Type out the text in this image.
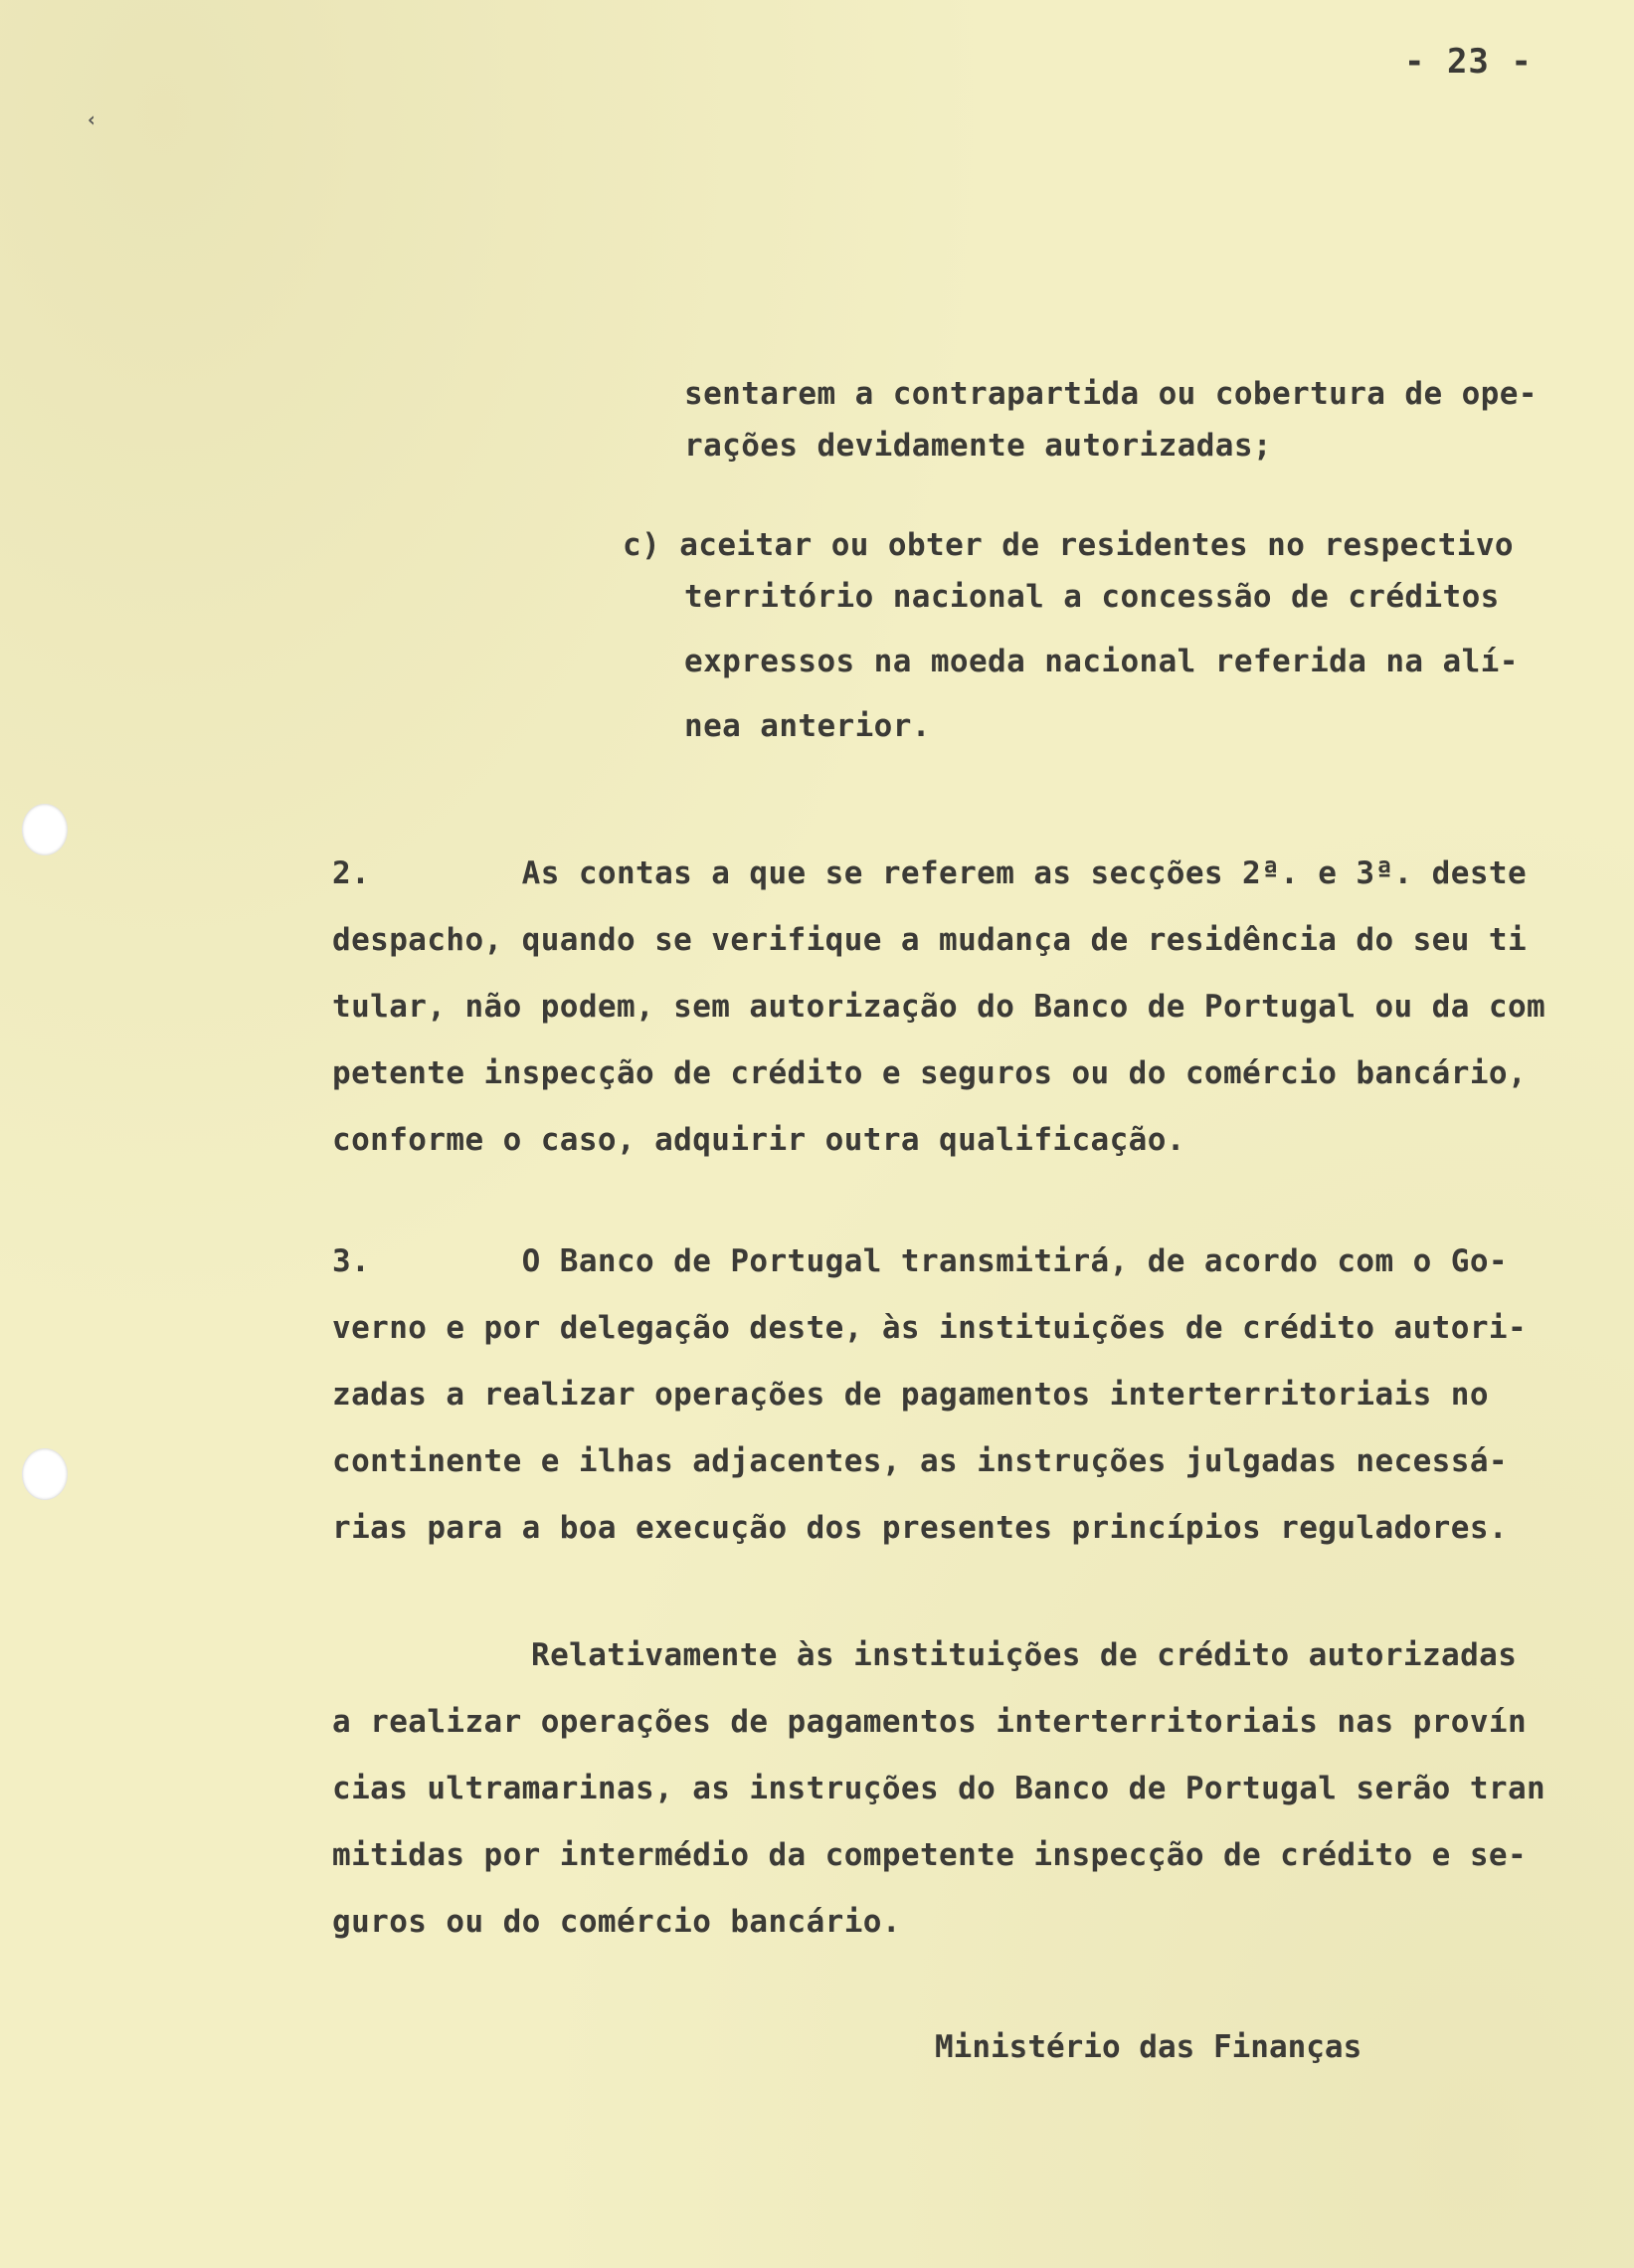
‹
- 23 -
sentarem a contrapartida ou cobertura de ope-
rações devidamente autorizadas;
c) aceitar ou obter de residentes no respectivo
território nacional a concessão de créditos
expressos na moeda nacional referida na alí-
nea anterior.
2.        As contas a que se referem as secções 2ª. e 3ª. deste
despacho, quando se verifique a mudança de residência do seu ti
tular, não podem, sem autorização do Banco de Portugal ou da com
petente inspecção de crédito e seguros ou do comércio bancário,
conforme o caso, adquirir outra qualificação.
3.        O Banco de Portugal transmitirá, de acordo com o Go-
verno e por delegação deste, às instituições de crédito autori-
zadas a realizar operações de pagamentos interterritoriais no
continente e ilhas adjacentes, as instruções julgadas necessá-
rias para a boa execução dos presentes princípios reguladores.
Relativamente às instituições de crédito autorizadas
a realizar operações de pagamentos interterritoriais nas provín
cias ultramarinas, as instruções do Banco de Portugal serão tran
mitidas por intermédio da competente inspecção de crédito e se-
guros ou do comércio bancário.
Ministério das Finanças
